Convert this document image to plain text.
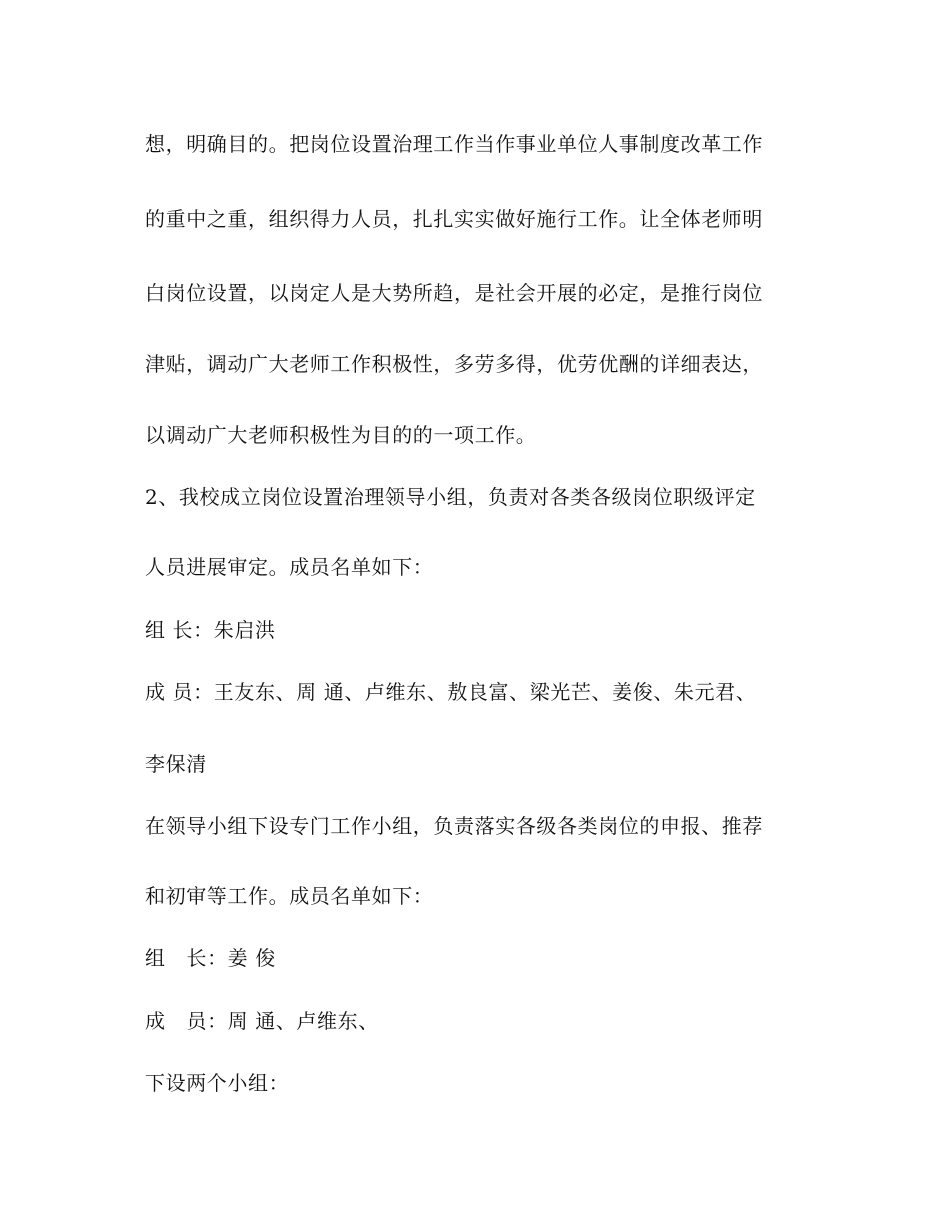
想，明确目的。把岗位设置治理工作当作事业单位人事制度改革工作
的重中之重，组织得力人员，扎扎实实做好施行工作。让全体老师明
白岗位设置，以岗定人是大势所趋，是社会开展的必定，是推行岗位
津贴，调动广大老师工作积极性，多劳多得，优劳优酬的详细表达，
以调动广大老师积极性为目的的一项工作。
2、我校成立岗位设置治理领导小组，负责对各类各级岗位职级评定
人员进展审定。成员名单如下：
组 长：朱启洪
成 员：王友东、周 通、卢维东、敖良富、梁光芒、姜俊、朱元君、
李保清
在领导小组下设专门工作小组，负责落实各级各类岗位的申报、推荐
和初审等工作。成员名单如下：
组   长：姜 俊
成   员：周 通、卢维东、
下设两个小组：
